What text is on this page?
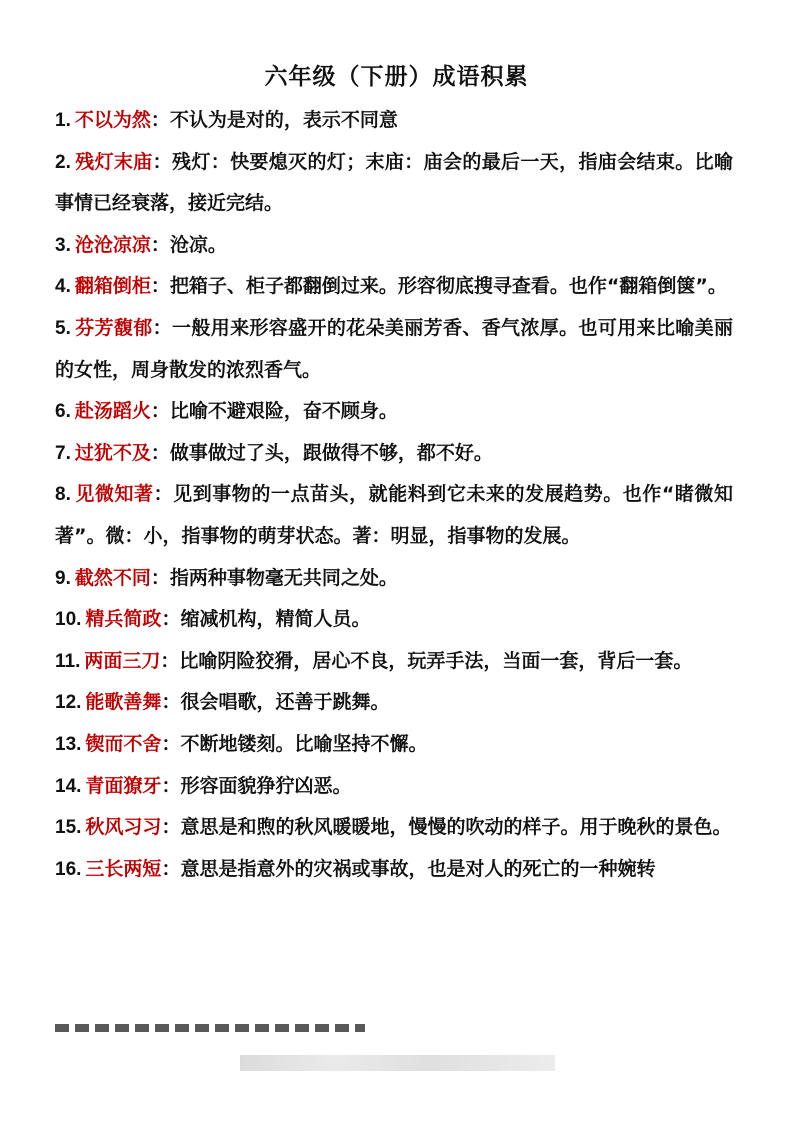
六年级（下册）成语积累
1. 不以为然：不认为是对的，表示不同意
2. 残灯末庙：残灯：快要熄灭的灯；末庙：庙会的最后一天，指庙会结束。比喻事情已经衰落，接近完结。
3. 沧沧凉凉：沧凉。
4. 翻箱倒柜：把箱子、柜子都翻倒过来。形容彻底搜寻查看。也作“翻箱倒箧”。
5. 芬芳馥郁：一般用来形容盛开的花朵美丽芳香、香气浓厚。也可用来比喻美丽的女性，周身散发的浓烈香气。
6. 赴汤蹈火：比喻不避艰险，奋不顾身。
7. 过犹不及：做事做过了头，跟做得不够，都不好。
8. 见微知著：见到事物的一点苗头，就能料到它未来的发展趋势。也作“睹微知著”。微：小，指事物的萌芽状态。著：明显，指事物的发展。
9. 截然不同：指两种事物毫无共同之处。
10. 精兵简政：缩减机构，精简人员。
11. 两面三刀：比喻阴险狡猾，居心不良，玩弄手法，当面一套，背后一套。
12. 能歌善舞：很会唱歌，还善于跳舞。
13. 锲而不舍：不断地镂刻。比喻坚持不懈。
14. 青面獠牙：形容面貌狰狞凶恶。
15. 秋风习习：意思是和煦的秋风暖暖地，慢慢的吹动的样子。用于晚秋的景色。
16. 三长两短：意思是指意外的灾祸或事故，也是对人的死亡的一种婉转
